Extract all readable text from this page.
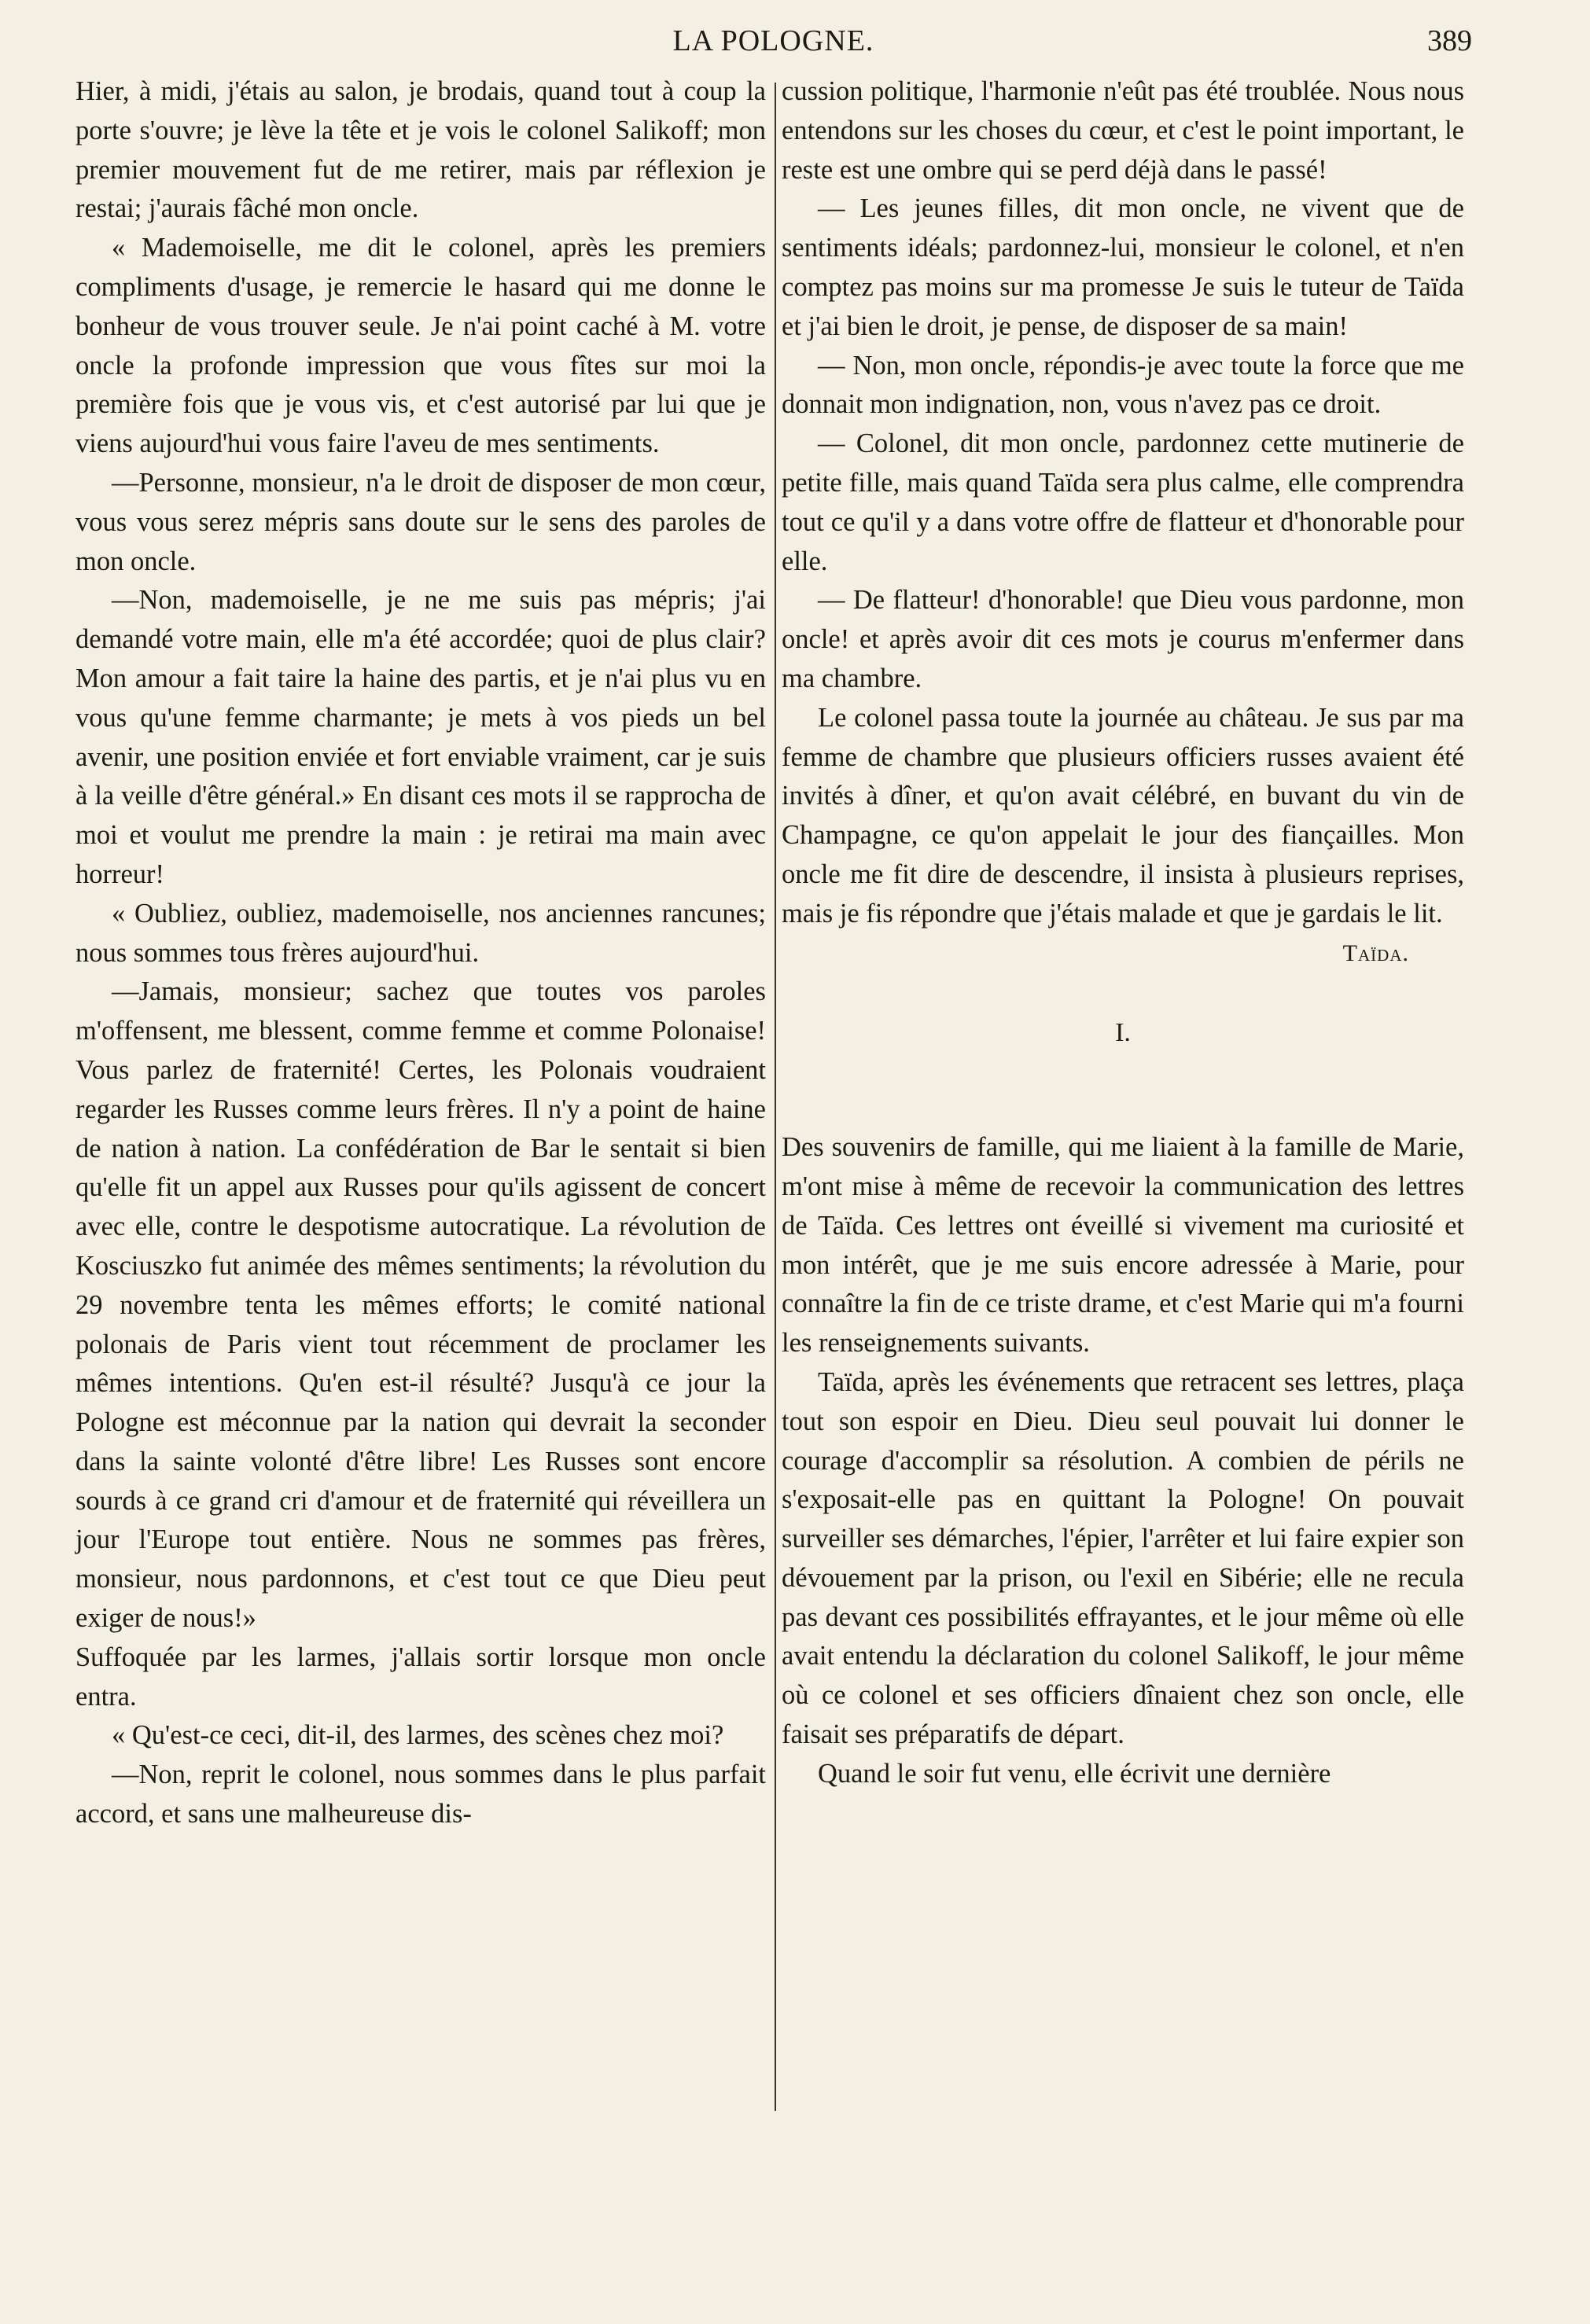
LA POLOGNE.	389

Hier, à midi, j'étais au salon, je brodais, quand tout à coup la porte s'ouvre; je lève la tête et je vois le colonel Salikoff; mon premier mouvement fut de me retirer, mais par réflexion je restai; j'aurais fâché mon oncle.

« Mademoiselle, me dit le colonel, après les premiers compliments d'usage, je remercie le hasard qui me donne le bonheur de vous trouver seule. Je n'ai point caché à M. votre oncle la profonde impression que vous fîtes sur moi la première fois que je vous vis, et c'est autorisé par lui que je viens aujourd'hui vous faire l'aveu de mes sentiments.

—Personne, monsieur, n'a le droit de disposer de mon cœur, vous vous serez mépris sans doute sur le sens des paroles de mon oncle.

—Non, mademoiselle, je ne me suis pas mépris; j'ai demandé votre main, elle m'a été accordée; quoi de plus clair? Mon amour a fait taire la haine des partis, et je n'ai plus vu en vous qu'une femme charmante; je mets à vos pieds un bel avenir, une position enviée et fort enviable vraiment, car je suis à la veille d'être général.» En disant ces mots il se rapprocha de moi et voulut me prendre la main : je retirai ma main avec horreur!

« Oubliez, oubliez, mademoiselle, nos anciennes rancunes; nous sommes tous frères aujourd'hui.

—Jamais, monsieur; sachez que toutes vos paroles m'offensent, me blessent, comme femme et comme Polonaise! Vous parlez de fraternité! Certes, les Polonais voudraient regarder les Russes comme leurs frères. Il n'y a point de haine de nation à nation. La confédération de Bar le sentait si bien qu'elle fit un appel aux Russes pour qu'ils agissent de concert avec elle, contre le despotisme autocratique. La révolution de Kosciuszko fut animée des mêmes sentiments; la révolution du 29 novembre tenta les mêmes efforts; le comité national polonais de Paris vient tout récemment de proclamer les mêmes intentions. Qu'en est-il résulté? Jusqu'à ce jour la Pologne est méconnue par la nation qui devrait la seconder dans la sainte volonté d'être libre! Les Russes sont encore sourds à ce grand cri d'amour et de fraternité qui réveillera un jour l'Europe tout entière. Nous ne sommes pas frères, monsieur, nous pardonnons, et c'est tout ce que Dieu peut exiger de nous!»

Suffoquée par les larmes, j'allais sortir lorsque mon oncle entra.

« Qu'est-ce ceci, dit-il, des larmes, des scènes chez moi?

—Non, reprit le colonel, nous sommes dans le plus parfait accord, et sans une malheureuse dis-

cussion politique, l'harmonie n'eût pas été troublée. Nous nous entendons sur les choses du cœur, et c'est le point important, le reste est une ombre qui se perd déjà dans le passé!

— Les jeunes filles, dit mon oncle, ne vivent que de sentiments idéals; pardonnez-lui, monsieur le colonel, et n'en comptez pas moins sur ma promesse Je suis le tuteur de Taïda et j'ai bien le droit, je pense, de disposer de sa main!

— Non, mon oncle, répondis-je avec toute la force que me donnait mon indignation, non, vous n'avez pas ce droit.

— Colonel, dit mon oncle, pardonnez cette mutinerie de petite fille, mais quand Taïda sera plus calme, elle comprendra tout ce qu'il y a dans votre offre de flatteur et d'honorable pour elle.

— De flatteur! d'honorable! que Dieu vous pardonne, mon oncle! et après avoir dit ces mots je courus m'enfermer dans ma chambre.

Le colonel passa toute la journée au château. Je sus par ma femme de chambre que plusieurs officiers russes avaient été invités à dîner, et qu'on avait célébré, en buvant du vin de Champagne, ce qu'on appelait le jour des fiançailles. Mon oncle me fit dire de descendre, il insista à plusieurs reprises, mais je fis répondre que j'étais malade et que je gardais le lit.

Taïda.
I.

Des souvenirs de famille, qui me liaient à la famille de Marie, m'ont mise à même de recevoir la communication des lettres de Taïda. Ces lettres ont éveillé si vivement ma curiosité et mon intérêt, que je me suis encore adressée à Marie, pour connaître la fin de ce triste drame, et c'est Marie qui m'a fourni les renseignements suivants.

Taïda, après les événements que retracent ses lettres, plaça tout son espoir en Dieu. Dieu seul pouvait lui donner le courage d'accomplir sa résolution. A combien de périls ne s'exposait-elle pas en quittant la Pologne! On pouvait surveiller ses démarches, l'épier, l'arrêter et lui faire expier son dévouement par la prison, ou l'exil en Sibérie; elle ne recula pas devant ces possibilités effrayantes, et le jour même où elle avait entendu la déclaration du colonel Salikoff, le jour même où ce colonel et ses officiers dînaient chez son oncle, elle faisait ses préparatifs de départ.

Quand le soir fut venu, elle écrivit une dernière
